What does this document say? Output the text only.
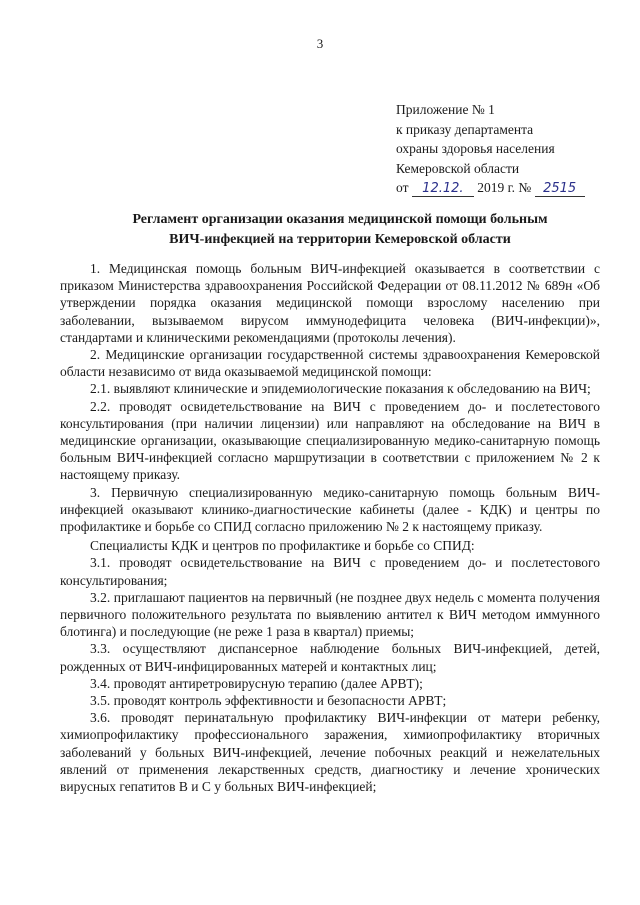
3
Приложение № 1
к приказу департамента
охраны здоровья населения
Кемеровской области
от 12.12. 2019 г. № 2515
Регламент организации оказания медицинской помощи больным
ВИЧ-инфекцией на территории Кемеровской области

1. Медицинская помощь больным ВИЧ-инфекцией оказывается в соответствии с приказом Министерства здравоохранения Российской Федерации от 08.11.2012 № 689н «Об утверждении порядка оказания медицинской помощи взрослому населению при заболевании, вызываемом вирусом иммунодефицита человека (ВИЧ-инфекции)», стандартами и клиническими рекомендациями (протоколы лечения).

2. Медицинские организации государственной системы здравоохранения Кемеровской области независимо от вида оказываемой медицинской помощи:

2.1. выявляют клинические и эпидемиологические показания к обследованию на ВИЧ;

2.2. проводят освидетельствование на ВИЧ с проведением до- и послетестового консультирования (при наличии лицензии) или направляют на обследование на ВИЧ в медицинские организации, оказывающие специализированную медико-санитарную помощь больным ВИЧ-инфекцией согласно маршрутизации в соответствии с приложением № 2 к настоящему приказу.

3. Первичную специализированную медико-санитарную помощь больным ВИЧ-инфекцией оказывают клинико-диагностические кабинеты (далее - КДК) и центры по профилактике и борьбе со СПИД согласно приложению № 2 к настоящему приказу.

Специалисты КДК и центров по профилактике и борьбе со СПИД:

3.1. проводят освидетельствование на ВИЧ с проведением до- и послетестового консультирования;

3.2. приглашают пациентов на первичный (не позднее двух недель с момента получения первичного положительного результата по выявлению антител к ВИЧ методом иммунного блотинга) и последующие (не реже 1 раза в квартал) приемы;

3.3. осуществляют диспансерное наблюдение больных ВИЧ-инфекцией, детей, рожденных от ВИЧ-инфицированных матерей и контактных лиц;

3.4. проводят антиретровирусную терапию (далее АРВТ);

3.5. проводят контроль эффективности и безопасности АРВТ;

3.6. проводят перинатальную профилактику ВИЧ-инфекции от матери ребенку, химиопрофилактику профессионального заражения, химиопрофилактику вторичных заболеваний у больных ВИЧ-инфекцией, лечение побочных реакций и нежелательных явлений от применения лекарственных средств, диагностику и лечение хронических вирусных гепатитов В и С у больных ВИЧ-инфекцией;
